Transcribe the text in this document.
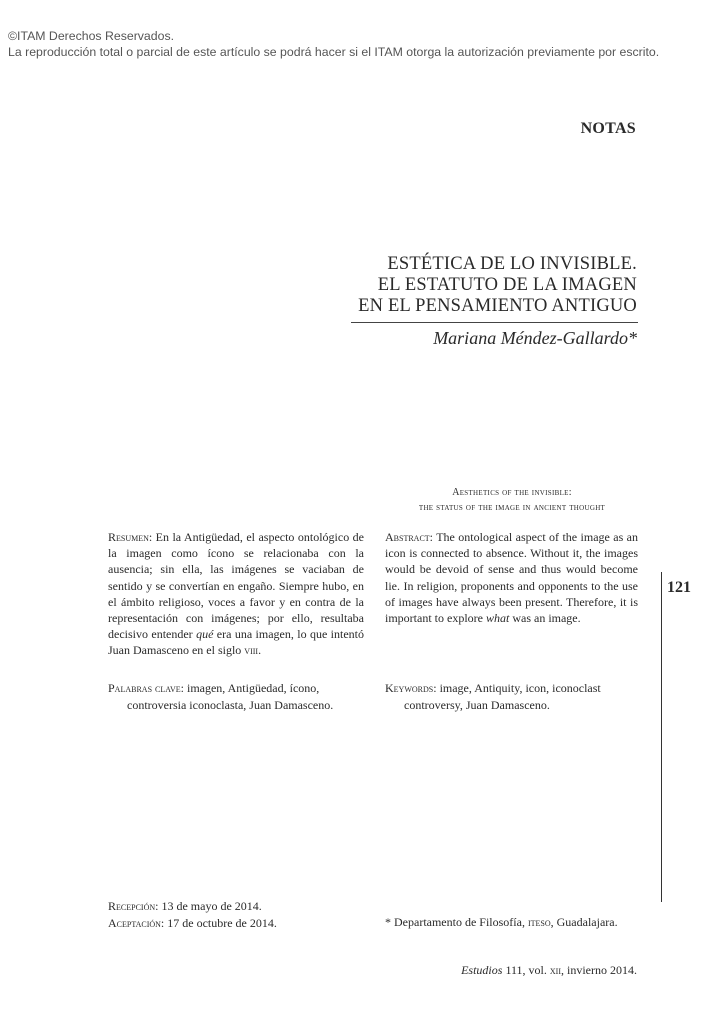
©ITAM Derechos Reservados.
La reproducción total o parcial de este artículo se podrá hacer si el ITAM otorga la autorización previamente por escrito.
NOTAS
ESTÉTICA DE LO INVISIBLE.
EL ESTATUTO DE LA IMAGEN
EN EL PENSAMIENTO ANTIGUO
Mariana Méndez-Gallardo*
Aesthetics of the invisible:
the status of the image in ancient thought
Resumen: En la Antigüedad, el aspecto ontológico de la imagen como ícono se relacionaba con la ausencia; sin ella, las imágenes se vaciaban de sentido y se convertían en engaño. Siempre hubo, en el ámbito religioso, voces a favor y en contra de la representación con imágenes; por ello, resultaba decisivo entender qué era una imagen, lo que intentó Juan Damasceno en el siglo viii.
Abstract: The ontological aspect of the image as an icon is connected to absence. Without it, the images would be devoid of sense and thus would become lie. In religion, proponents and opponents to the use of images have always been present. Therefore, it is important to explore what was an image.
Palabras clave: imagen, Antigüedad, ícono, controversia iconoclasta, Juan Damasceno.
Keywords: image, Antiquity, icon, iconoclast controversy, Juan Damasceno.
121
Recepción: 13 de mayo de 2014.
Aceptación: 17 de octubre de 2014.	* Departamento de Filosofía, iteso, Guadalajara.
Estudios 111, vol. xii, invierno 2014.
